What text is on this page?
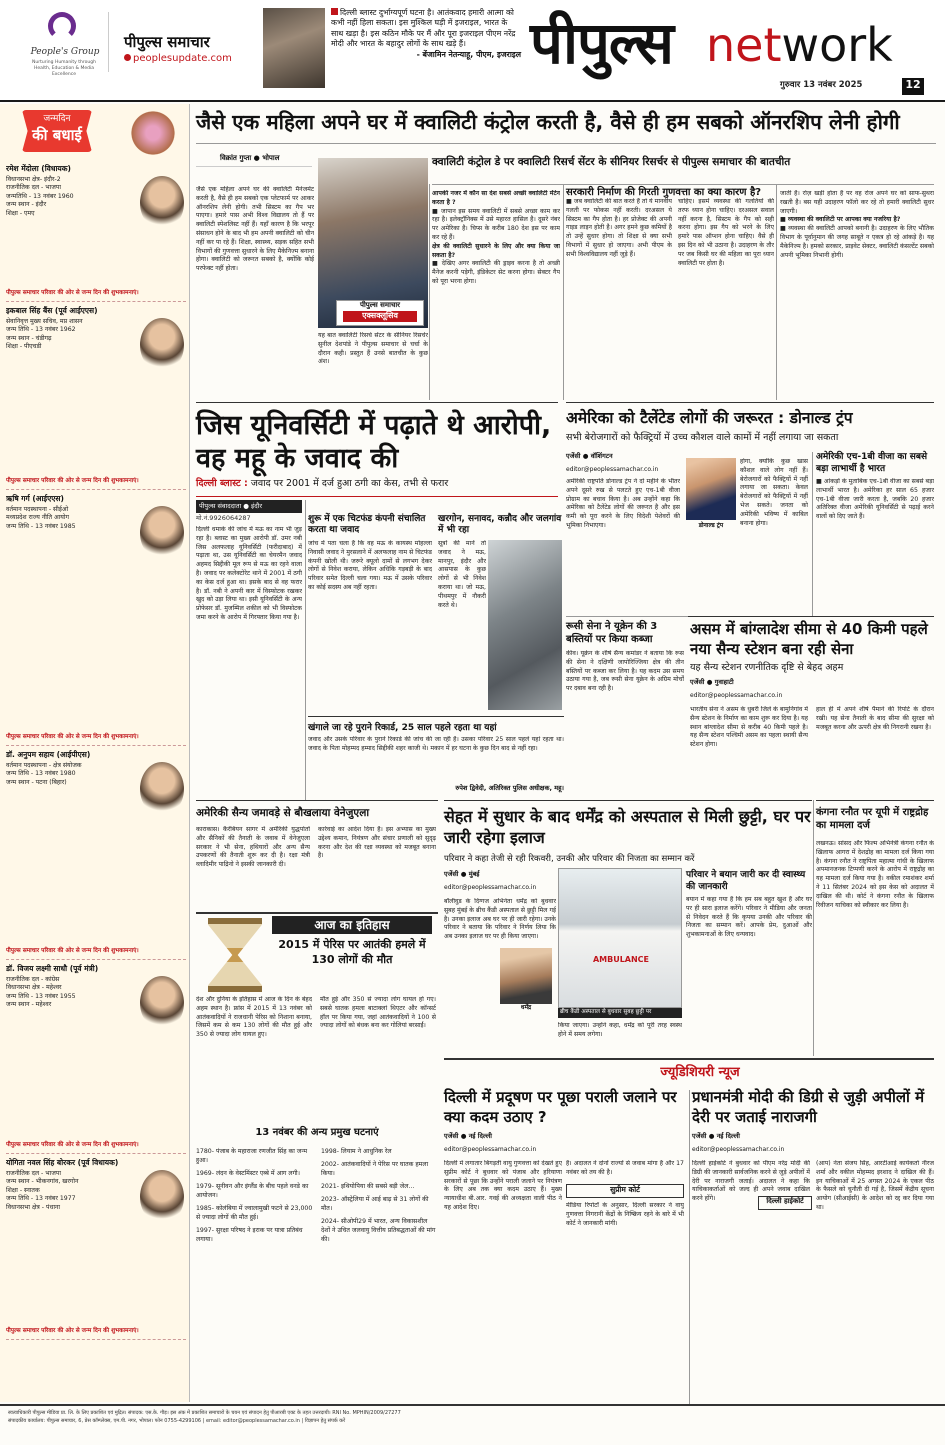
People's Group
Nurturing Humanity through Health, Education & Media Excellence
पीपुल्स समाचार
peoplesupdate.com
दिल्ली ब्लास्ट दुर्भाग्यपूर्ण घटना है। आतंकवाद हमारी आत्मा को कभी नहीं हिला सकता। इस मुश्किल घड़ी में इजराइल, भारत के साथ खड़ा है। इस कठिन मौके पर मैं और पूरा इजराइल पीएम नरेंद्र मोदी और भारत के बहादुर लोगों के साथ खड़े हैं।
- बेंजामिन नेतन्याहू, पीएम, इजराइल पीपुल्स network
गुरुवार 13 नवंबर 2025	12
जन्मदिन
की बधाई
रमेश मेंदोला (विधायक)
विधानसभा क्षेत्र- इंदौर-2
राजनीतिक दल - भाजपा
जन्मतिथि - 13 नवंबर 1960
जन्म स्थान - इंदौर
शिक्षा - एमए
पीपुल्स समाचार परिवार की ओर से जन्म दिन की शुभकामनाएं।
इकबाल सिंह बैंस (पूर्व आईएएस)
सेवानिवृत्त मुख्य सचिव, मप्र शासन
जन्म तिथि - 13 नवंबर 1962
जन्म स्थान - चंडीगढ़
शिक्षा - पीएचडी
पीपुल्स समाचार परिवार की ओर से जन्म दिन की शुभकामनाएं।
ऋषि गर्ग (आईएएस)
वर्तमान पदस्थापना - सीईओ
मध्यप्रदेश राज्य नीति आयोग
जन्म तिथि - 13 नवंबर 1985
पीपुल्स समाचार परिवार की ओर से जन्म दिन की शुभकामनाएं।
डॉ. अनुपम सहाय (आईपीएस)
वर्तमान पदस्थापना - क्षेत्र संयोजक
जन्म तिथि - 13 नवंबर 1980
जन्म स्थान - पटना (बिहार)
पीपुल्स समाचार परिवार की ओर से जन्म दिन की शुभकामनाएं।
डॉ. विजय लक्ष्मी साधौ (पूर्व मंत्री)
राजनीतिक दल - कांग्रेस
विधानसभा क्षेत्र - महेश्वर
जन्म तिथि - 13 नवंबर 1955
जन्म स्थान - महेश्वर
पीपुल्स समाचार परिवार की ओर से जन्म दिन की शुभकामनाएं।
योगिता नवल सिंह बोरकर (पूर्व विधायक)
राजनीतिक दल - भाजपा
जन्म स्थान - भीकनगांव, खरगोन
शिक्षा - स्नातक
जन्म तिथि - 13 नवंबर 1977
विधानसभा क्षेत्र - पंधाना
पीपुल्स समाचार परिवार की ओर से जन्म दिन की शुभकामनाएं।
जैसे एक महिला अपने घर में क्वालिटी कंट्रोल करती है, वैसे ही हम सबको ऑनरशिप लेनी होगी
विक्रांत गुप्ता ● भोपाल
जैसे एक महिला अपने घर की क्वालिटी मैनेजमेंट करती है, वैसे ही हम सबको एक प्लेटफार्म पर आकर ऑनरशिप लेनी होगी। तभी सिस्टम का गैप भर पाएगा। हमारे पास अभी विश्व विद्यालय तो हैं पर क्वालिटी स्पेशलिस्ट नहीं हैं। यहाँ कारण है कि भरपूर संसाधन होने के बाद भी हम अपनी क्वालिटी को चीन नहीं कर पा रहे हैं। शिक्षा, स्वास्थ्य, सड़क सहित सभी विभागों की गुणवत्ता सुधारने के लिए मैकेनिज्म बनाना होगा। क्वालिटी को जरूरत सबको है, क्योंकि कोई परफेक्ट नहीं होता।
पीपुल्स समाचार
एक्सक्लूसिव
यह बात क्वालिटी रिसर्च सेंटर के सीनियर रिसर्चर सुनील देशपांडे ने पीपुल्स समाचार से चर्चा के दौरान कही। प्रस्तुत हैं उनसे बातचीत के कुछ अंश।
क्वालिटी कंट्रोल डे पर क्वालिटी रिसर्च सेंटर के सीनियर रिसर्चर से पीपुल्स समाचार की बातचीत
आपकी नजर में कौन सा देश सबसे अच्छी क्वालिटी मेंटेन करता है ?
■ जापान इस समय क्वालिटी में सबसे अच्छा काम कर रहा है। इलेक्ट्रॉनिक्स में उसे महारत हासिल है। दूसरे नंबर पर अमेरिका है। चिप्स के करीब 180 देश इस पर काम कर रहे हैं।
क्षेत्र की क्वालिटी सुधारने के लिए और क्या किया जा सकता है?
■ देखिए अगर क्वालिटी की ड्राइव करना है तो अच्छी मैनेज करनी पड़ेगी, इंडिकेटर सेट करना होगा। सेक्टर गैप को पूरा भरना होगा।
सरकारी निर्माण की गिरती गुणवत्ता का क्या कारण है?
■ जब क्वालिटी की बात करते हैं तो ये मानवीय गलती पर फोकस नहीं करती। दरअसल ये सिस्टम का गैप होता है। हर प्रोजेक्ट की अपनी गाइड लाइन होती है। अगर हमने कुछ कमियों है तो उन्हें सुधार होगा। तो शिक्षा से क्या सभी विभागों में सुधार हो जाएगा। अभी पीएम के सभी विश्वविद्यालय नहीं जुड़े हैं।
चाहिए। इसमें व्यवस्था की गलतियों की तरफ ध्यान होना चाहिए। दरअसल सवाल नहीं करना है, सिस्टम के गैप को सही करना होगा। इस गैप को भरने के लिए हमारे पास ऑप्शन होना चाहिए। वैसे ही इस दिन को भी उठाना है। उदाहरण के तौर पर जब किसी घर की महिला का पूरा ध्यान क्वालिटी पर होता है।
जाती है। रोज़ खड़ी होता है पर वह रोज अपने घर को साफ-सुथरा रखती है। बस यही उदाहरण फॉलो कर रहे तो हमारी क्वालिटी सुधर जाएगी।
■ व्यवस्था की क्वालिटी पर आपका क्या नजरिया है?
■ व्यवस्था की क्वालिटी आपको बनानी है। उदाहरण के लिए भौतिक विभाग के पूर्वानुमान की जगह साबूते न एकत्र हो रहे आंकड़े है। यह मैकेनिज्म है। हमको सरकार, प्राइवेट सेक्टर, क्वालिटी कंसल्टेंट सबको अपनी भूमिका निभानी होगी।
जिस यूनिवर्सिटी में पढ़ाते थे आरोपी, वह महू के जवाद की
दिल्ली ब्लास्ट : जवाद पर 2001 में दर्ज हुआ ठगी का केस, तभी से फरार
पीपुल्स संवाददाता ● इंदौर
मो.नं.9926064287
दिल्ली धमाके की जांच में मऊ का नाम भी जुड़ रहा है। ब्लास्ट का मुख्य आरोपी डॉ. उमर नबी जिस अलफलाह यूनिवर्सिटी (फरीदाबाद) में पढ़ाता था, उस यूनिवर्सिटी का चेयरमैन जवाद अहमद सिद्दीकी मूल रूप से मऊ का रहने वाला है। जवाद पर कलेक्टोरेट थाने में 2001 में ठगी का केस दर्ज हुआ था। इसके बाद से वह फरार है। डॉ. नबी ने अपनी कार में विस्फोटक रखकर खुद को उड़ा लिया था। इसी यूनिवर्सिटी के अन्य प्रोफेसर डॉ. मुजम्मिल शकील को भी विस्फोटक जमा करने के आरोप में गिरफ्तार किया गया है।
शुरू में एक चिटफंड कंपनी संचालित करता था जवाद
जांच में पता चला है कि वह मऊ के कायस्थ मोहल्ला निवासी जवाद ने मुरसलाने में अलफलाह नाम से चिटफंड कंपनी खोली थी। जरूरे क्यूलो दामों से लगभग देकर लोगों से निवेश कराया, लेकिन अधिकि गड़बड़ी के बाद परिवार समेत दिल्ली चला गया। मऊ में उसके परिवार का कोई सदस्य अब नहीं रहता।
खरगोन, सनावद, कन्नौद और जलगांव में भी रहा
सूत्रों की मानें तो जवाद ने मऊ, मानपुर, इंदौर और आसपास के कुछ लोगों से भी निवेश कराया था। जो मऊ, पीथमपुर में नौकरी करते थे।
खंगाले जा रहे पुराने रिकार्ड, 25 साल पहले रहता था यहां
जवाद और उसके परिवार के पुराने रिकार्ड की जांच की जा रही है। उसका परिवार 25 साल पहले यहां रहता था। जवाद के पिता मोहम्मद हम्माद सिद्दीकी शहर काजी थे। मकान में हर घटना के कुछ दिन बाद से नहीं रहा।
रुपेश द्विवेदी, अतिरिक्त पुलिस अधीक्षक, महू।
अमेरिका को टैलेंटेड लोगों की जरूरत : डोनाल्ड ट्रंप
सभी बेरोजगारों को फैक्ट्रियों में उच्च कौशल वाले कामों में नहीं लगाया जा सकता
एजेंसी ● वॉशिंगटन
editor@peoplessamachar.co.in
अमेरिकी राष्ट्रपति डोनाल्ड ट्रंप ने दो महीने के भीतर अपने दूसरे रुख से पलटते हुए एच-1बी वीजा प्रोग्राम का बचाव किया है। अब उन्होंने कहा कि अमेरिका को टैलेंटेड लोगों की जरूरत है और इस कमी को पूरा करने के लिए विदेशी पेशेवरों की भूमिका निभाएगा।	डोनाल्ड ट्रंप
होगा, क्योंकि कुछ खास कौशल वाले लोग नहीं हैं। बेरोजगारों को फैक्ट्रियों में नहीं लगाया जा सकता। केवल बेरोजगारों को फैक्ट्रियों में नहीं भेज सकते। जनता को अमेरिकी भविष्य में काबिल बनाना होगा।
अमेरिकी एच-1बी वीजा का सबसे बड़ा लाभार्थी है भारत
■ आंकड़ों के मुताबिक एच-1बी वीजा का सबसे बड़ा लाभार्थी भारत है। अमेरिका हर साल 65 हजार एच-1बी वीजा जारी करता है, जबकि 20 हजार अतिरिक्त वीजा अमेरिकी यूनिवर्सिटी से पढ़ाई करने वालों को दिए जाते हैं।
रूसी सेना ने यूक्रेन की 3 बस्तियों पर किया कब्जा
कीव। यूक्रेन के शीर्ष सैन्य कमांडर ने बताया कि रूस की सेना ने दक्षिणी जापोरिज्जिया क्षेत्र की तीन बस्तियों पर कब्जा कर लिया है। यह कदम उस समय उठाया गया है, जब रूसी सेना यूक्रेन के अग्रिम मोर्चों पर दबाव बना रही है।
असम में बांग्लादेश सीमा से 40 किमी पहले नया सैन्य स्टेशन बना रही सेना
यह सैन्य स्टेशन रणनीतिक दृष्टि से बेहद अहम
एजेंसी ● गुवाहाटी
editor@peoplessamachar.co.in
भारतीय सेना ने असम के धुबरी जिले के बामुनिगांव में सैन्य स्टेशन के निर्माण का काम शुरू कर दिया है। यह स्थान बांग्लादेश सीमा से करीब 40 किमी पहले है। यह सैन्य स्टेशन पश्चिमी असम का पहला स्थायी सैन्य स्टेशन होगा।
हाल ही में अपने शीर्ष पैमाने की रिपोर्ट के दौरान रखी। यह सेना तैनाती के बाद सीमा की सुरक्षा को मजबूत करना और ऊपरी क्षेत्र की निगरानी रखना है।
अमेरिकी सैन्य जमावड़े से बौखलाया वेनेजुएला
काराकास। कैरेबियन सागर में अमेरिकी युद्धपोतों और सैनिकों की तैनाती के जवाब में वेनेजुएला सरकार ने भी सेना, हथियारों और अन्य सैन्य उपकरणों की तैनाती शुरू कर दी है। रक्षा मंत्री व्लादिमीर पाद्रिनो ने इसकी जानकारी दी।
कार्रवाई का आदेश दिया है। इस अभ्यास का मुख्य उद्देश्य कमान, नियंत्रण और संचार प्रणाली को सुदृढ़ करना और देश की रक्षा व्यवस्था को मजबूत बनाना है।
आज का इतिहास
2015 में पेरिस पर आतंकी हमले में 130 लोगों की मौत
देश और दुनिया के इतिहास में आज के दिन के बेहद अहम स्थान है। फ्रांस में 2015 में 13 नवंबर को आतंकवादियों ने राजधानी पेरिस को निशाना बनाया, जिसमें कम से कम 130 लोगों की मौत हुई और 350 से ज्यादा लोग घायल हुए।
मौत हुई और 350 से ज्यादा लोग घायल हो गए। सबसे घातक हमला बाटाक्लां थिएटर और कॉन्सर्ट हॉल पर किया गया, जहां आतंकवादियों ने 100 से ज्यादा लोगों को बंधक बना कर गोलियां बरसाईं।
13 नवंबर की अन्य प्रमुख घटनाएं
1780- पंजाब के महाराजा रणजीत सिंह का जन्म हुआ।
1969- लंदन के वेस्टमिंस्टर एब्बे में आग लगी।
1979- सूनीवन और इंग्लैंड के बीच पहले वनडे का आयोजन।
1985- कोलंबिया में ज्वालामुखी फटने से 23,000 से ज्यादा लोगों की मौत हुई।
1997- सुरक्षा परिषद ने इराक पर यात्रा प्रतिबंध लगाया।
1998- लियाम ने आधुनिक रेल
2002- आतंकवादियों ने पेरिस पर घातक हमला किया।
2021- इथियोपिया की सबसे बड़ी जेल...
2023- ऑस्ट्रेलिया में आई बाढ़ से 31 लोगों की मौत।
2024- सीओपी29 में भारत, अन्य विकासशील देशों ने उचित जलवायु वित्तीय प्रतिबद्धताओं की मांग की।
सेहत में सुधार के बाद धर्मेंद्र को अस्पताल से मिली छुट्टी, घर पर जारी रहेगा इलाज
परिवार ने कहा तेजी से रही रिकवरी, उनकी और परिवार की निजता का सम्मान करें
एजेंसी ● मुंबई
editor@peoplessamachar.co.in
बॉलीवुड के दिग्गज अभिनेता धर्मेंद्र को बुधवार सुबह मुंबई के ब्रीच कैंडी अस्पताल से छुट्टी मिल गई है। उनका इलाज अब घर पर ही जारी रहेगा। उनके परिवार ने बताया कि परिवार ने निर्णय लिया कि अब उनका इलाज घर पर ही किया जाएगा।
धर्मेंद्र
AMBULANCE
ब्रीच कैंडी अस्पताल से बुधवार सुबह छुट्टी पर
किया जाएगा। उन्होंने कहा, धर्मेंद्र को पूरी तरह स्वस्थ होने में समय लगेगा।
परिवार ने बयान जारी कर दी स्वास्थ्य की जानकारी
बयान में कहा गया है कि हम सब बहुत खुश हैं और घर पर ही सारा इलाज करेंगे। परिवार ने मीडिया और जनता से निवेदन करते हैं कि कृपया उनकी और परिवार की निजता का सम्मान करें। आपके प्रेम, दुआओं और शुभकामनाओं के लिए धन्यवाद।
कंगना रनौत पर यूपी में राष्ट्रद्रोह का मामला दर्ज
लखनऊ। सांसद और फिल्म अभिनेत्री कंगना रनौत के खिलाफ आगरा में देशद्रोह का मामला दर्ज किया गया है। कंगना रनौत ने राष्ट्रपिता महात्मा गांधी के खिलाफ अपमानजनक टिप्पणी करने के आरोप में राष्ट्रद्रोह का यह मामला दर्ज किया गया है। वकील रमाशंकर शर्मा ने 11 सितंबर 2024 को इस केस को अदालत में दाखिल की थी। कोर्ट ने कंगना रनौत के खिलाफ रिवीजन याचिका को स्वीकार कर लिया है।
ज्यूडिशियरी न्यूज
दिल्ली में प्रदूषण पर पूछा पराली जलाने पर क्या कदम उठाए ?
प्रधानमंत्री मोदी की डिग्री से जुड़ी अपीलों में देरी पर जताई नाराजगी
एजेंसी ● नई दिल्ली
editor@peoplessamachar.co.in
दिल्ली में लगातार बिगड़ती वायु गुणवत्ता को देखते हुए सुप्रीम कोर्ट ने बुधवार को पंजाब और हरियाणा सरकारों से पूछा कि उन्होंने पराली जलाने पर नियंत्रण के लिए अब तक क्या कदम उठाए हैं। मुख्य न्यायाधीश बी.आर. गवई की अध्यक्षता वाली पीठ ने यह आदेश दिए।
सुप्रीम कोर्ट
है। अदालत ने दोनों राज्यों से जवाब मांगा है और 17 नवंबर को तय की है।
मीडिया रिपोर्टों के अनुसार, दिल्ली सरकार ने वायु गुणवत्ता निगरानी केंद्रों के निष्क्रिय रहने के बारे में भी कोर्ट ने जानकारी मांगी।
एजेंसी ● नई दिल्ली
editor@peoplessamachar.co.in
दिल्ली हाईकोर्ट ने बुधवार को पीएम नरेंद्र मोदी की डिग्री की जानकारी सार्वजनिक करने से जुड़े अपीलों में देरी पर नाराजगी जताई। अदालत ने कहा कि याचिकाकर्ताओं को जल्द ही अपने जवाब दाखिल करने होंगे।	दिल्ली हाईकोर्ट
(आप) नेता संजय सिंह, आरटीआई कार्यकर्ता नीरज शर्मा और वकील मोहम्मद इरशाद ने दाखिल की हैं। इन याचिकाओं में 25 अगस्त 2024 के एकल पीठ के फैसले को चुनौती दी गई है, जिसमें केंद्रीय सूचना आयोग (सीआईसी) के आदेश को रद्द कर दिया गया था।
स्वत्वाधिकारी पीपुल्स मीडिया प्रा. लि. के लिए प्रकाशित एवं मुद्रित। संपादक: एस.के. गौड़। इस अंक में प्रकाशित समाचारों के चयन एवं संपादन हेतु पीआरबी एक्ट के तहत उत्तरदायी। RNI No. MPHIN/2009/27277
संपादकीय कार्यालय: पीपुल्स समाचार, 6, प्रेस कॉम्प्लेक्स, एम.पी. नगर, भोपाल। फोन 0755-4299106 | email: editor@peoplessamachar.co.in | विज्ञापन हेतु संपर्क करें
